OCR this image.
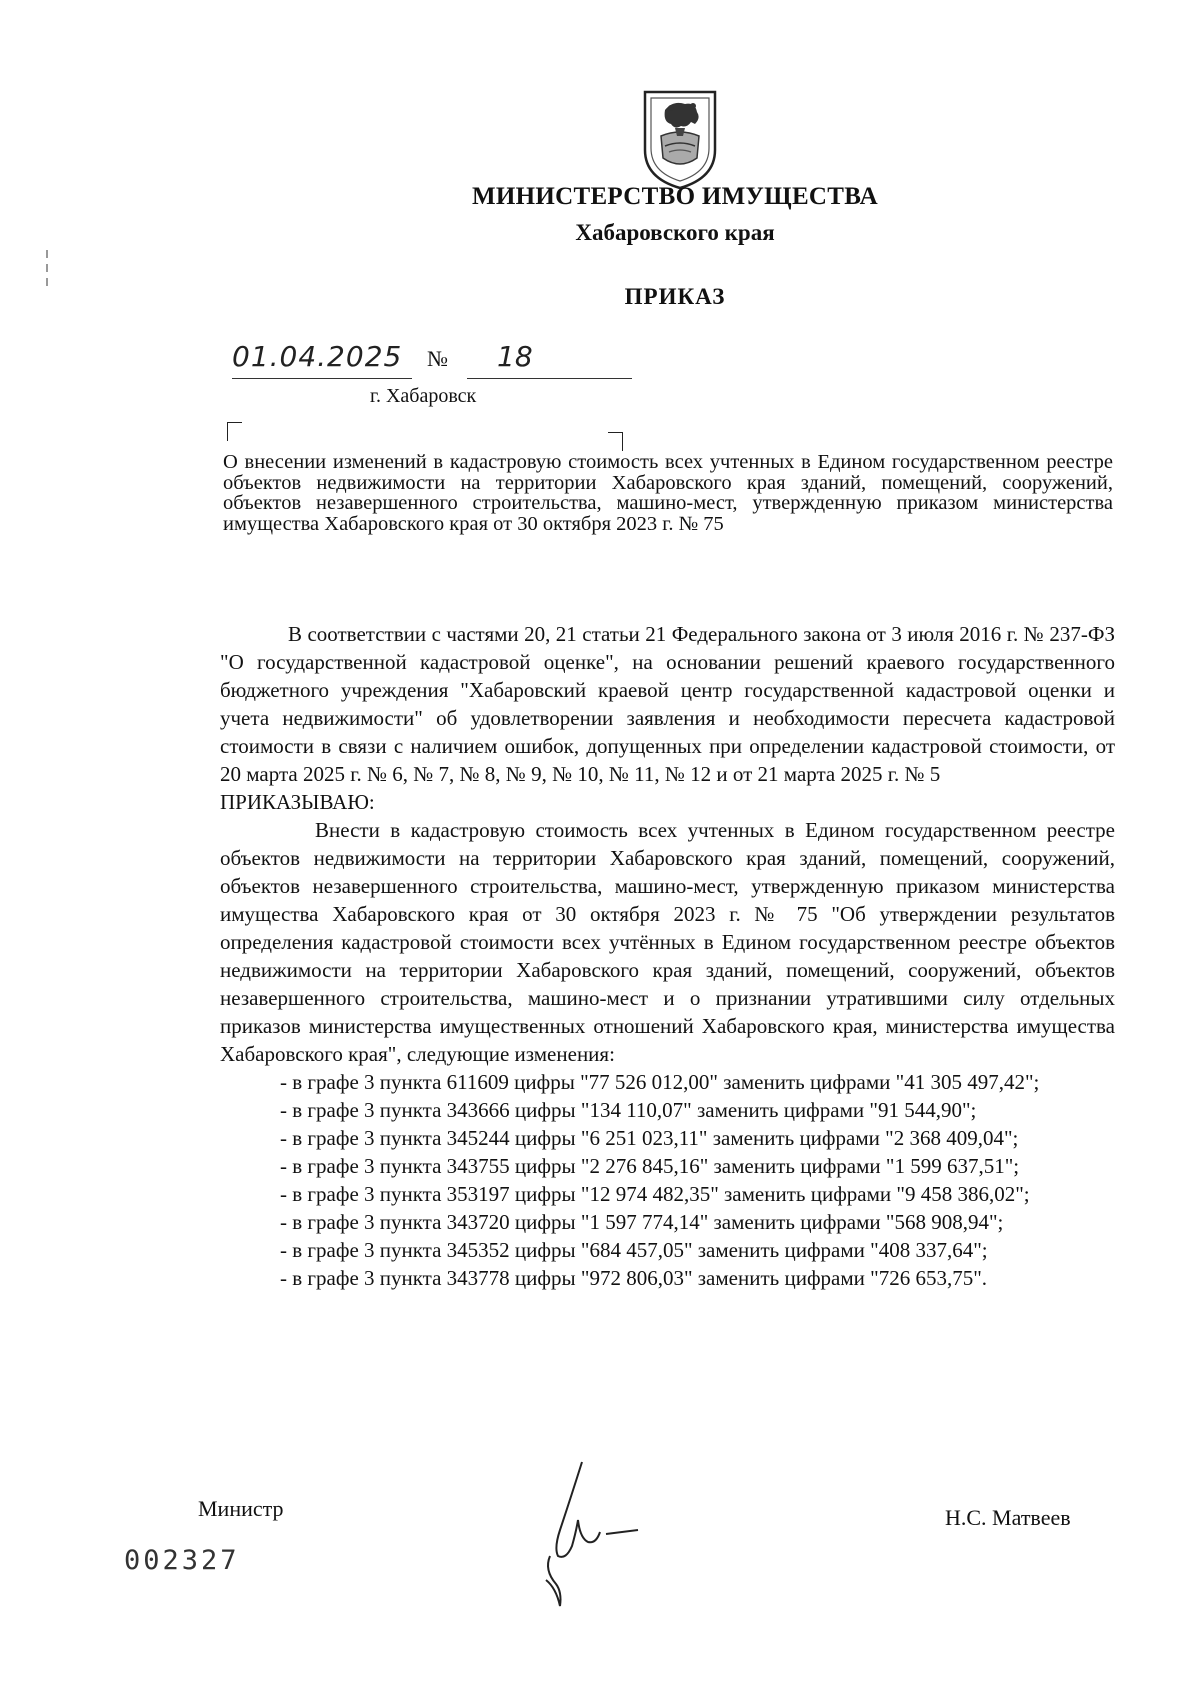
МИНИСТЕРСТВО ИМУЩЕСТВА
Хабаровского края
ПРИКАЗ
01.04.2025 № 18
г. Хабаровск
О внесении изменений в кадастровую стоимость всех учтенных в Едином государственном реестре объектов недвижимости на территории Хабаровского края зданий, помещений, сооружений, объектов незавершенного строительства, машино-мест, утвержденную приказом министерства имущества Хабаровского края от 30 октября 2023 г. № 75

В соответствии с частями 20, 21 статьи 21 Федерального закона от 3 июля 2016 г. № 237-ФЗ "О государственной кадастровой оценке", на основании решений краевого государственного бюджетного учреждения "Хабаровский краевой центр государственной кадастровой оценки и учета недвижимости" об удовлетворении заявления и необходимости пересчета кадастровой стоимости в связи с наличием ошибок, допущенных при определении кадастровой стоимости, от 20 марта 2025 г. № 6, № 7, № 8, № 9, № 10, № 11, № 12 и от 21 марта 2025 г. № 5

ПРИКАЗЫВАЮ:

Внести в кадастровую стоимость всех учтенных в Едином государственном реестре объектов недвижимости на территории Хабаровского края зданий, помещений, сооружений, объектов незавершенного строительства, машино-мест, утвержденную приказом министерства имущества Хабаровского края от 30 октября 2023 г. № 75 "Об утверждении результатов определения кадастровой стоимости всех учтённых в Едином государственном реестре объектов недвижимости на территории Хабаровского края зданий, помещений, сооружений, объектов незавершенного строительства, машино-мест и о признании утратившими силу отдельных приказов министерства имущественных отношений Хабаровского края, министерства имущества Хабаровского края", следующие изменения:

- в графе 3 пункта 611609 цифры "77 526 012,00" заменить цифрами "41 305 497,42";
- в графе 3 пункта 343666 цифры "134 110,07" заменить цифрами "91 544,90";
- в графе 3 пункта 345244 цифры "6 251 023,11" заменить цифрами "2 368 409,04";
- в графе 3 пункта 343755 цифры "2 276 845,16" заменить цифрами "1 599 637,51";
- в графе 3 пункта 353197 цифры "12 974 482,35" заменить цифрами "9 458 386,02";
- в графе 3 пункта 343720 цифры "1 597 774,14" заменить цифрами "568 908,94";
- в графе 3 пункта 345352 цифры "684 457,05" заменить цифрами "408 337,64";
- в графе 3 пункта 343778 цифры "972 806,03" заменить цифрами "726 653,75".
Министр	Н.С. Матвеев
002327
